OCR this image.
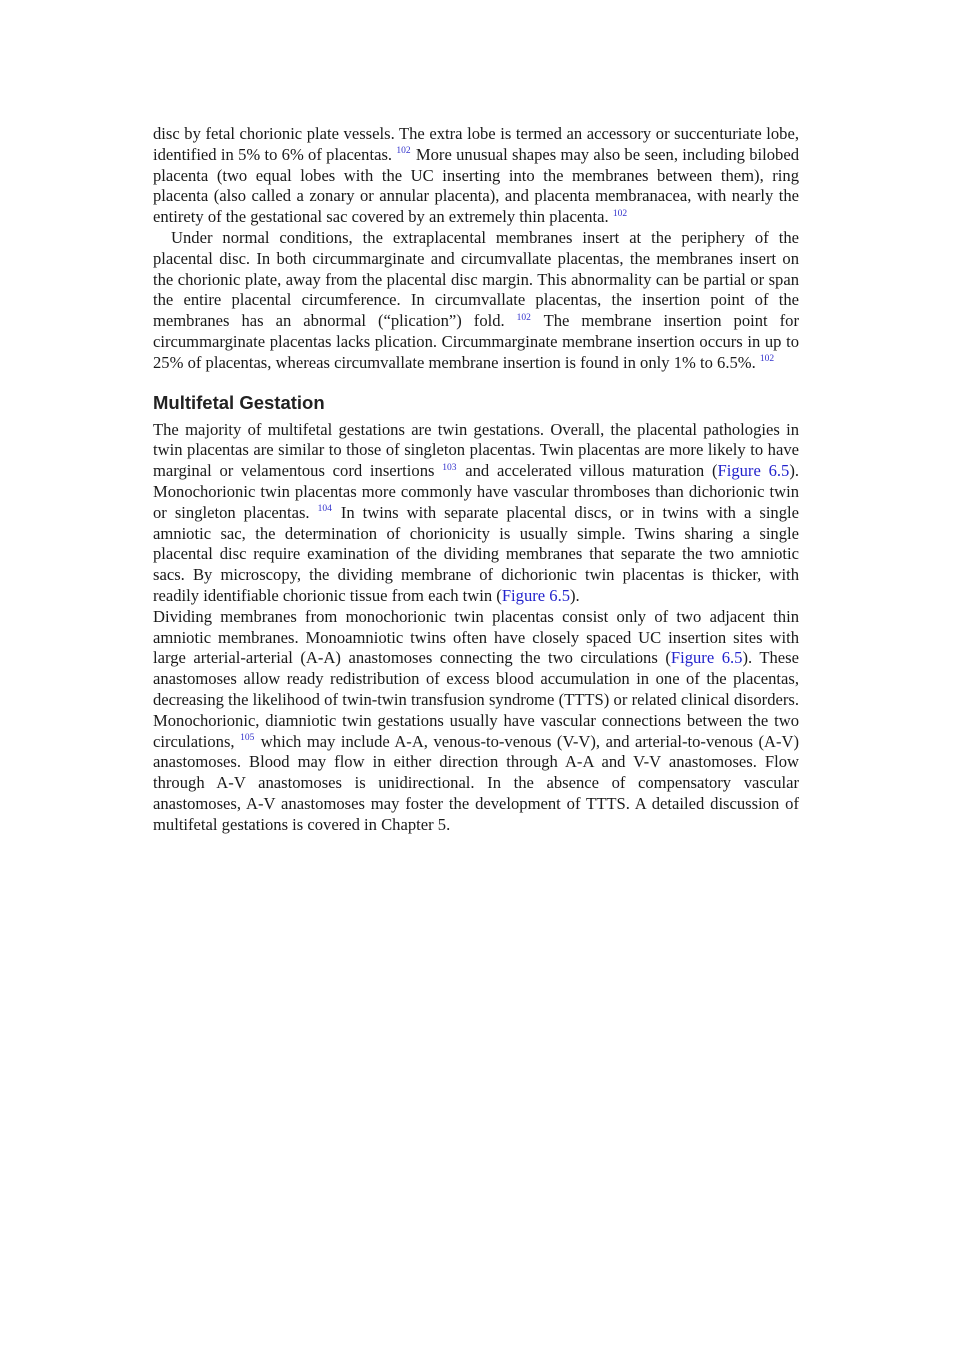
disc by fetal chorionic plate vessels. The extra lobe is termed an accessory or succenturiate lobe, identified in 5% to 6% of placentas. $^{102}$ More unusual shapes may also be seen, including bilobed placenta (two equal lobes with the UC inserting into the membranes between them), ring placenta (also called a zonary or annular placenta), and placenta membranacea, with nearly the entirety of the gestational sac covered by an extremely thin placenta. $^{102}$

Under normal conditions, the extraplacental membranes insert at the periphery of the placental disc. In both circummarginate and circumvallate placentas, the membranes insert on the chorionic plate, away from the placental disc margin. This abnormality can be partial or span the entire placental circumference. In circumvallate placentas, the insertion point of the membranes has an abnormal (“plication”) fold. $^{102}$ The membrane insertion point for circummarginate placentas lacks plication. Circummarginate membrane insertion occurs in up to 25% of placentas, whereas circumvallate membrane insertion is found in only 1% to 6.5%. $^{102}$

Multifetal Gestation

The majority of multifetal gestations are twin gestations. Overall, the placental pathologies in twin placentas are similar to those of singleton placentas. Twin placentas are more likely to have marginal or velamentous cord insertions $^{103}$ and accelerated villous maturation (Figure 6.5). Monochorionic twin placentas more commonly have vascular thromboses than dichorionic twin or singleton placentas. $^{104}$ In twins with separate placental discs, or in twins with a single amniotic sac, the determination of chorionicity is usually simple. Twins sharing a single placental disc require examination of the dividing membranes that separate the two amniotic sacs. By microscopy, the dividing membrane of dichorionic twin placentas is thicker, with readily identifiable chorionic tissue from each twin (Figure 6.5).

Dividing membranes from monochorionic twin placentas consist only of two adjacent thin amniotic membranes. Monoamniotic twins often have closely spaced UC insertion sites with large arterial-arterial (A-A) anastomoses connecting the two circulations (Figure 6.5). These anastomoses allow ready redistribution of excess blood accumulation in one of the placentas, decreasing the likelihood of twin-twin transfusion syndrome (TTTS) or related clinical disorders. Monochorionic, diamniotic twin gestations usually have vascular connections between the two circulations, $^{105}$ which may include A-A, venous-to-venous (V-V), and arterial-to-venous (A-V) anastomoses. Blood may flow in either direction through A-A and V-V anastomoses. Flow through A-V anastomoses is unidirectional. In the absence of compensatory vascular anastomoses, A-V anastomoses may foster the development of TTTS. A detailed discussion of multifetal gestations is covered in Chapter 5.
